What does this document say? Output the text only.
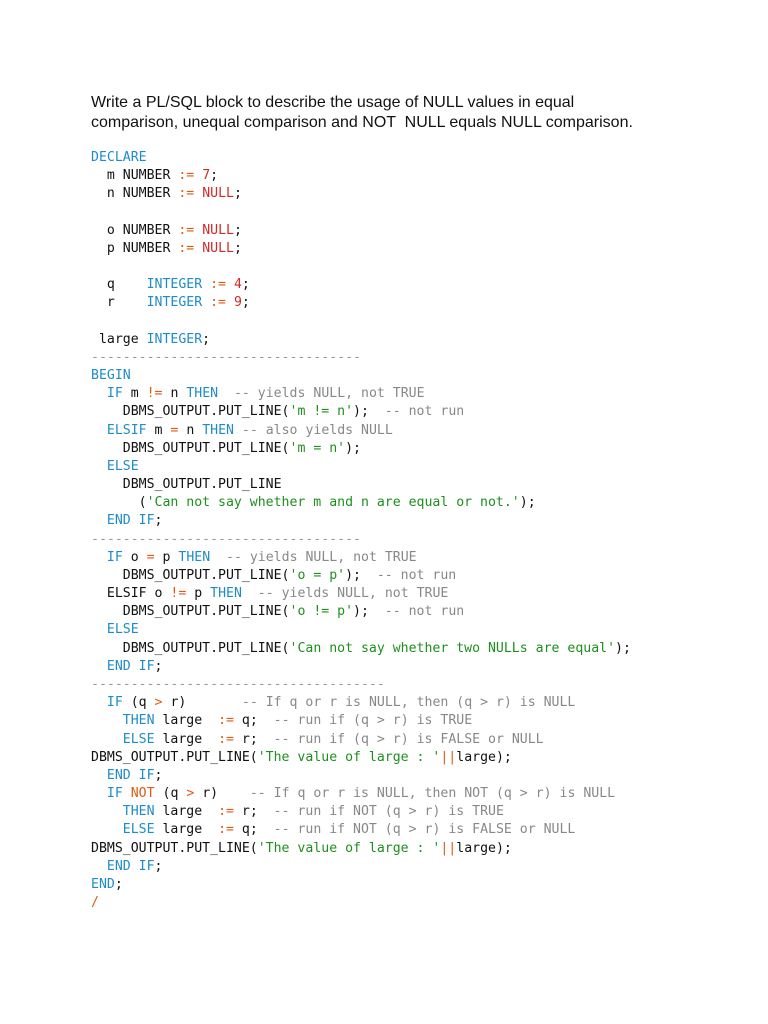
Write a PL/SQL block to describe the usage of NULL values in equal
comparison, unequal comparison and NOT  NULL equals NULL comparison.

DECLARE
m NUMBER := 7;
n NUMBER := NULL;

o NUMBER := NULL;
p NUMBER := NULL;

q    INTEGER := 4;
r    INTEGER := 9;

large INTEGER;
----------------------------------
BEGIN
IF m != n THEN -- yields NULL, not TRUE
DBMS_OUTPUT.PUT_LINE('m != n');  -- not run
ELSIF m = n THEN -- also yields NULL
DBMS_OUTPUT.PUT_LINE('m = n');
ELSE
DBMS_OUTPUT.PUT_LINE
('Can not say whether m and n are equal or not.');
END IF;
----------------------------------
IF o = p THEN -- yields NULL, not TRUE
DBMS_OUTPUT.PUT_LINE('o = p');  -- not run
ELSIF o != p THEN -- yields NULL, not TRUE
DBMS_OUTPUT.PUT_LINE('o != p');  -- not run
ELSE
DBMS_OUTPUT.PUT_LINE('Can not say whether two NULLs are equal');
END IF;
-------------------------------------
IF (q > r)       -- If q or r is NULL, then (q > r) is NULL
THEN large  := q;  -- run if (q > r) is TRUE
ELSE large  := r;  -- run if (q > r) is FALSE or NULL
DBMS_OUTPUT.PUT_LINE('The value of large : '||large);
END IF;
IF NOT (q > r)    -- If q or r is NULL, then NOT (q > r) is NULL
THEN large  := r;  -- run if NOT (q > r) is TRUE
ELSE large  := q;  -- run if NOT (q > r) is FALSE or NULL
DBMS_OUTPUT.PUT_LINE('The value of large : '||large);
END IF;
END;
/
